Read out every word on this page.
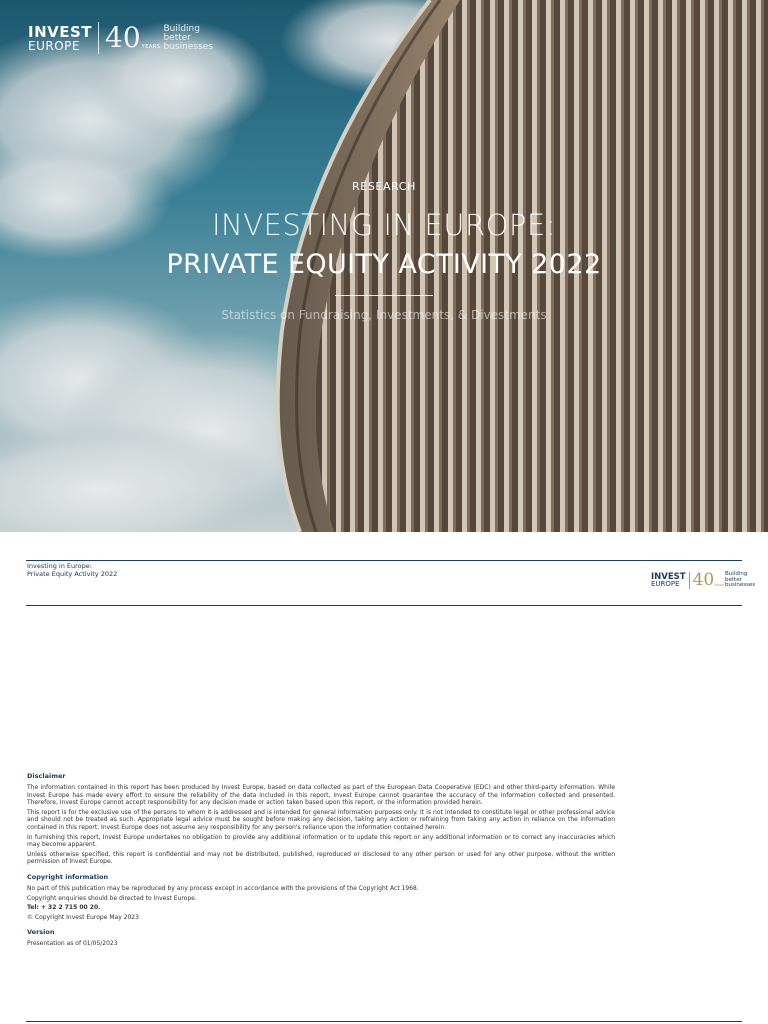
INVEST
EUROPE 40 YEARS
Building
better
businesses
RESEARCH
INVESTING IN EUROPE:
PRIVATE EQUITY ACTIVITY 2022
Statistics on Fundraising, Investments, & Divestments
Investing in Europe:
Private Equity Activity 2022	INVEST
EUROPE 40 YEARS
Building
better
businesses
Disclaimer

The information contained in this report has been produced by Invest Europe, based on data collected as part of the European Data Cooperative (EDC) and other third-party information. While Invest Europe has made every effort to ensure the reliability of the data included in this report, Invest Europe cannot guarantee the accuracy of the information collected and presented. Therefore, Invest Europe cannot accept responsibility for any decision made or action taken based upon this report, or the information provided herein.

This report is for the exclusive use of the persons to whom it is addressed and is intended for general information purposes only. It is not intended to constitute legal or other professional advice and should not be treated as such. Appropriate legal advice must be sought before making any decision, taking any action or refraining from taking any action in reliance on the information contained in this report. Invest Europe does not assume any responsibility for any person's reliance upon the information contained herein.

In furnishing this report, Invest Europe undertakes no obligation to provide any additional information or to update this report or any additional information or to correct any inaccuracies which may become apparent.

Unless otherwise specified, this report is confidential and may not be distributed, published, reproduced or disclosed to any other person or used for any other purpose, without the written permission of Invest Europe.

Copyright information

No part of this publication may be reproduced by any process except in accordance with the provisions of the Copyright Act 1968.

Copyright enquiries should be directed to Invest Europe.

Tel: + 32 2 715 00 20.

© Copyright Invest Europe May 2023

Version

Presentation as of 01/05/2023
